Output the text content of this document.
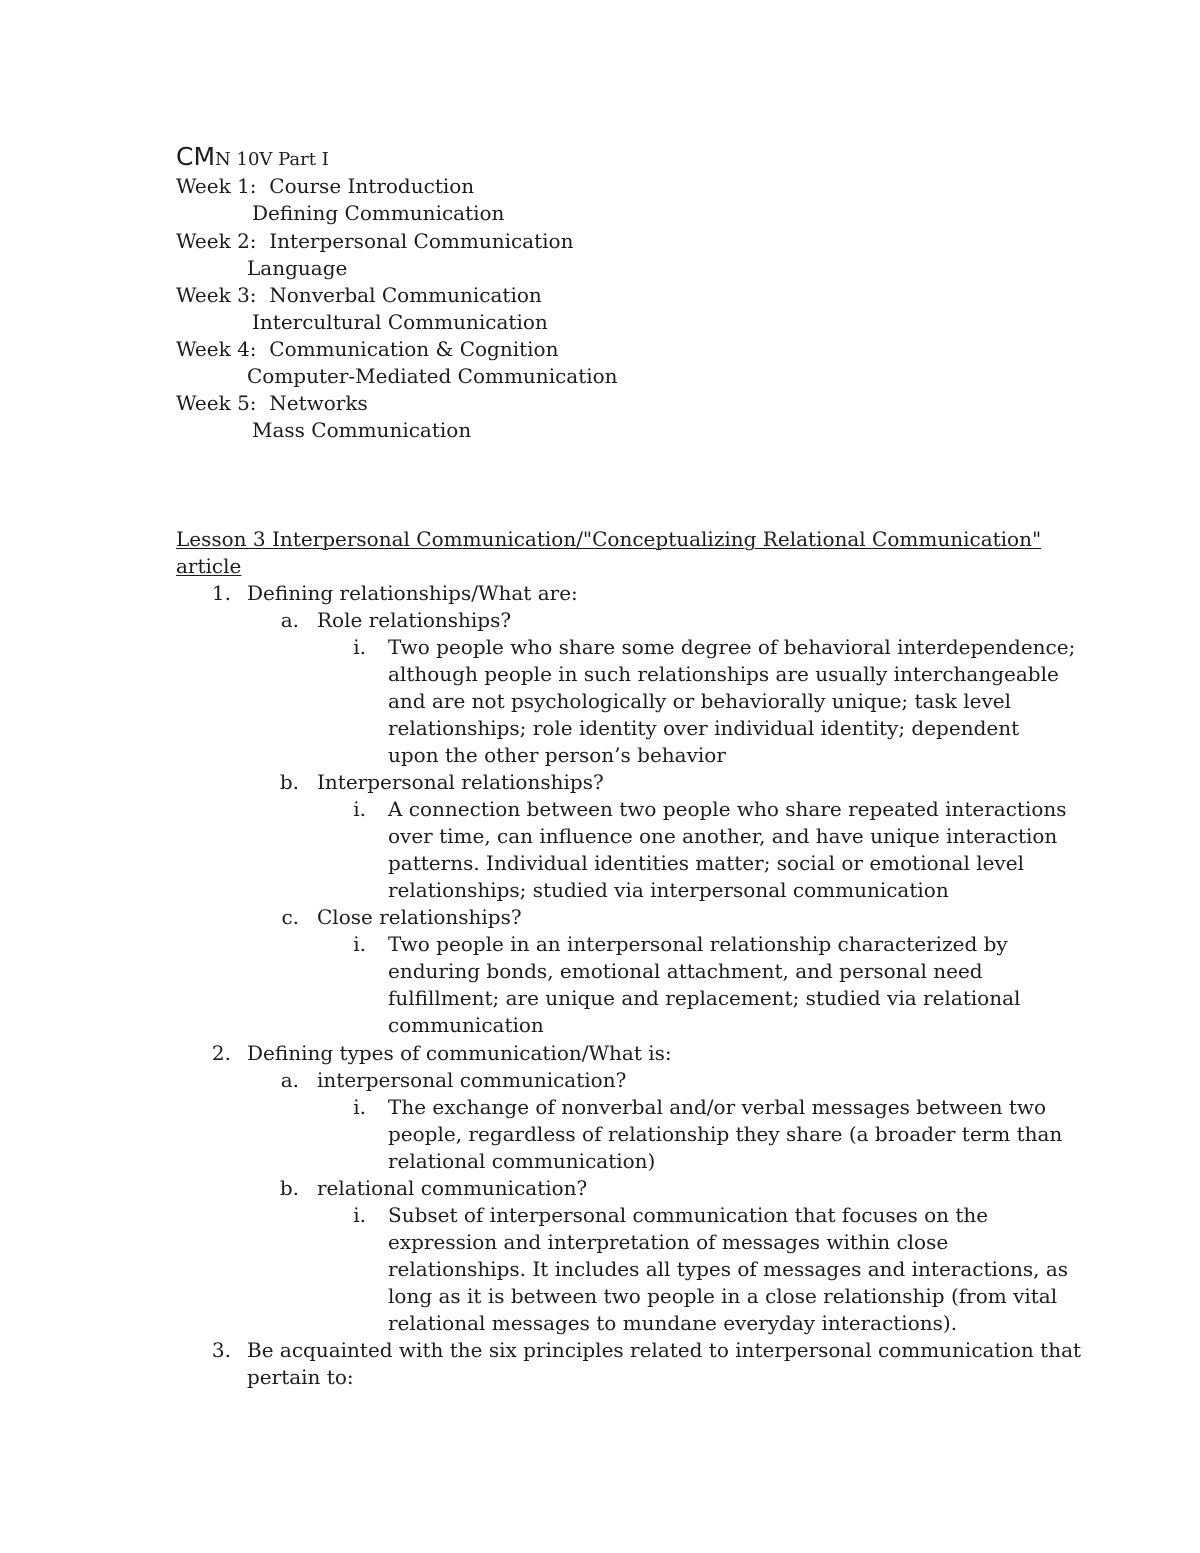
CMN 10V Part I
Week 1: Course Introduction
Defining Communication
Week 2: Interpersonal Communication
Language
Week 3: Nonverbal Communication
Intercultural Communication
Week 4: Communication & Cognition
Computer-Mediated Communication
Week 5: Networks
Mass Communication
Lesson 3 Interpersonal Communication/"Conceptualizing Relational Communication"
article
1. Defining relationships/What are:
a. Role relationships?
i. Two people who share some degree of behavioral interdependence;
although people in such relationships are usually interchangeable
and are not psychologically or behaviorally unique; task level
relationships; role identity over individual identity; dependent
upon the other person’s behavior
b. Interpersonal relationships?
i. A connection between two people who share repeated interactions
over time, can influence one another, and have unique interaction
patterns. Individual identities matter; social or emotional level
relationships; studied via interpersonal communication
c. Close relationships?
i. Two people in an interpersonal relationship characterized by
enduring bonds, emotional attachment, and personal need
fulfillment; are unique and replacement; studied via relational
communication
2. Defining types of communication/What is:
a. interpersonal communication?
i. The exchange of nonverbal and/or verbal messages between two
people, regardless of relationship they share (a broader term than
relational communication)
b. relational communication?
i. Subset of interpersonal communication that focuses on the
expression and interpretation of messages within close
relationships. It includes all types of messages and interactions, as
long as it is between two people in a close relationship (from vital
relational messages to mundane everyday interactions).
3. Be acquainted with the six principles related to interpersonal communication that
pertain to:
